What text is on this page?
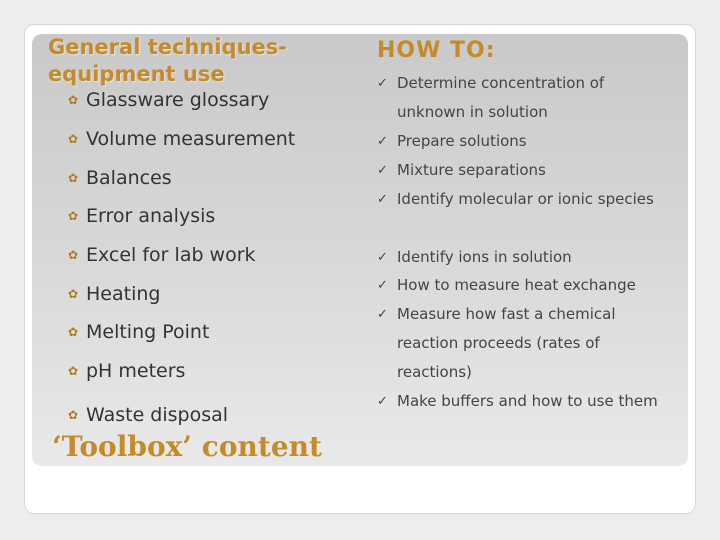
General techniques-
equipment use
✿ Glassware glossary
✿ Volume measurement
✿ Balances
✿ Error analysis
✿ Excel for lab work
✿ Heating
✿ Melting Point
✿ pH meters
✿ Waste disposal
‘Toolbox’ content
HOW TO:
✓ Determine concentration of unknown in solution
✓ Prepare solutions
✓ Mixture separations
✓ Identify molecular or ionic species
✓ Identify ions in solution
✓ How to measure heat exchange
✓ Measure how fast a chemical reaction proceeds (rates of reactions)
✓ Make buffers and how to use them
